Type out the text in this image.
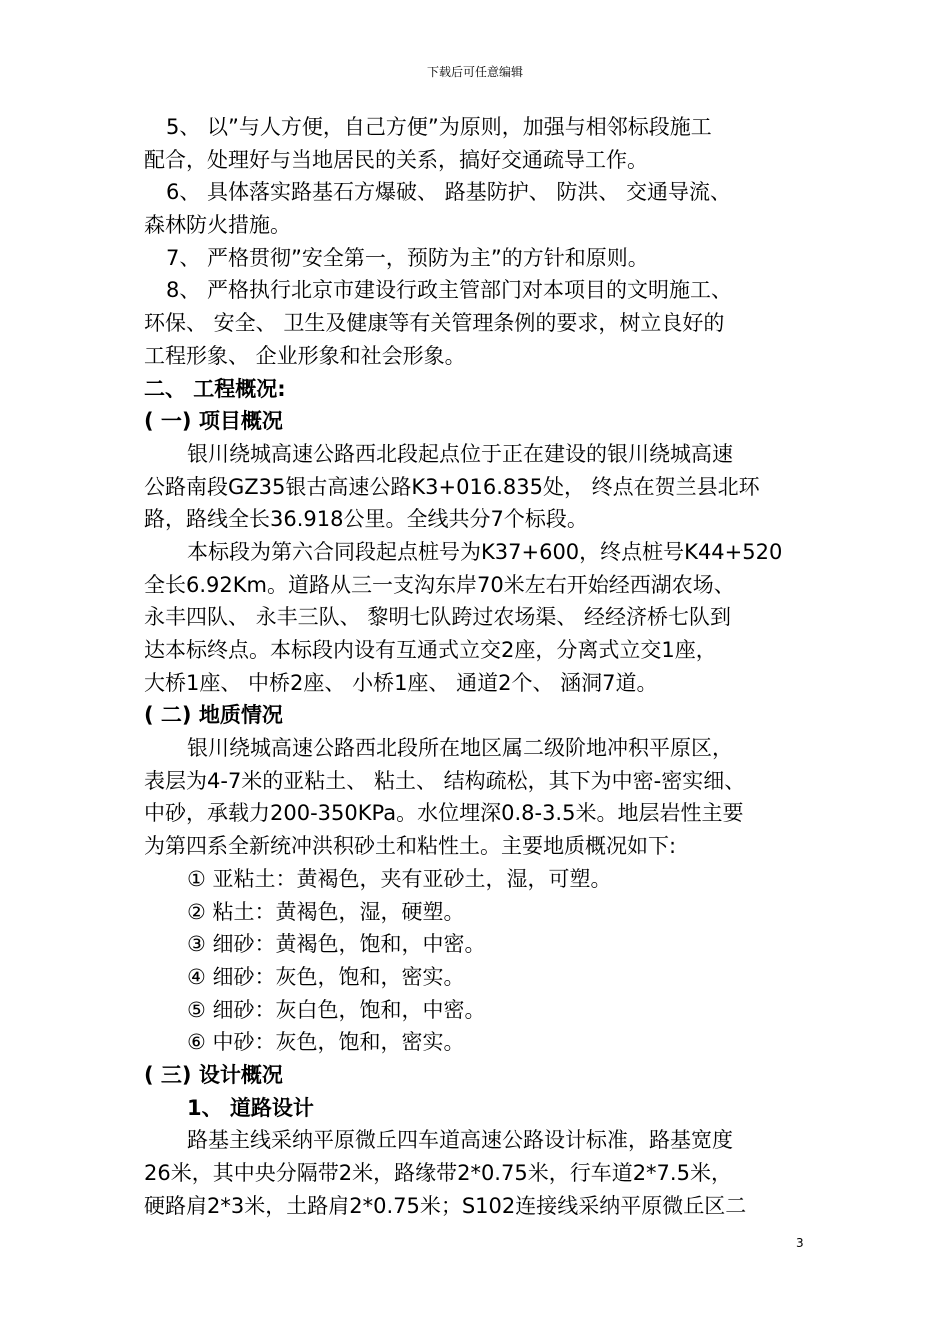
下载后可任意编辑
5、 以”与人方便，自己方便”为原则，加强与相邻标段施工
配合，处理好与当地居民的关系，搞好交通疏导工作。
6、 具体落实路基石方爆破、 路基防护、 防洪、 交通导流、
森林防火措施。
7、 严格贯彻”安全第一，预防为主”的方针和原则。
8、 严格执行北京市建设行政主管部门对本项目的文明施工、
环保、 安全、 卫生及健康等有关管理条例的要求，树立良好的
工程形象、 企业形象和社会形象。
二、 工程概况:
( 一) 项目概况
银川绕城高速公路西北段起点位于正在建设的银川绕城高速
公路南段GZ35银古高速公路K3+016.835处， 终点在贺兰县北环
路，路线全长36.918公里。全线共分7个标段。
本标段为第六合同段起点桩号为K37+600，终点桩号K44+520
全长6.92Km。道路从三一支沟东岸70米左右开始经西湖农场、
永丰四队、 永丰三队、 黎明七队跨过农场渠、 经经济桥七队到
达本标终点。本标段内设有互通式立交2座，分离式立交1座，
大桥1座、 中桥2座、 小桥1座、 通道2个、 涵洞7道。
( 二) 地质情况
银川绕城高速公路西北段所在地区属二级阶地冲积平原区，
表层为4-7米的亚粘土、 粘土、 结构疏松，其下为中密-密实细、
中砂，承载力200-350KPa。水位埋深0.8-3.5米。地层岩性主要
为第四系全新统冲洪积砂土和粘性土。主要地质概况如下:
① 亚粘土：黄褐色，夹有亚砂土，湿，可塑。
② 粘土：黄褐色，湿，硬塑。
③ 细砂：黄褐色，饱和，中密。
④ 细砂：灰色，饱和，密实。
⑤ 细砂：灰白色，饱和，中密。
⑥ 中砂：灰色，饱和，密实。
( 三) 设计概况
1、 道路设计
路基主线采纳平原微丘四车道高速公路设计标准，路基宽度
26米，其中央分隔带2米，路缘带2*0.75米，行车道2*7.5米，
硬路肩2*3米，土路肩2*0.75米；S102连接线采纳平原微丘区二
3
